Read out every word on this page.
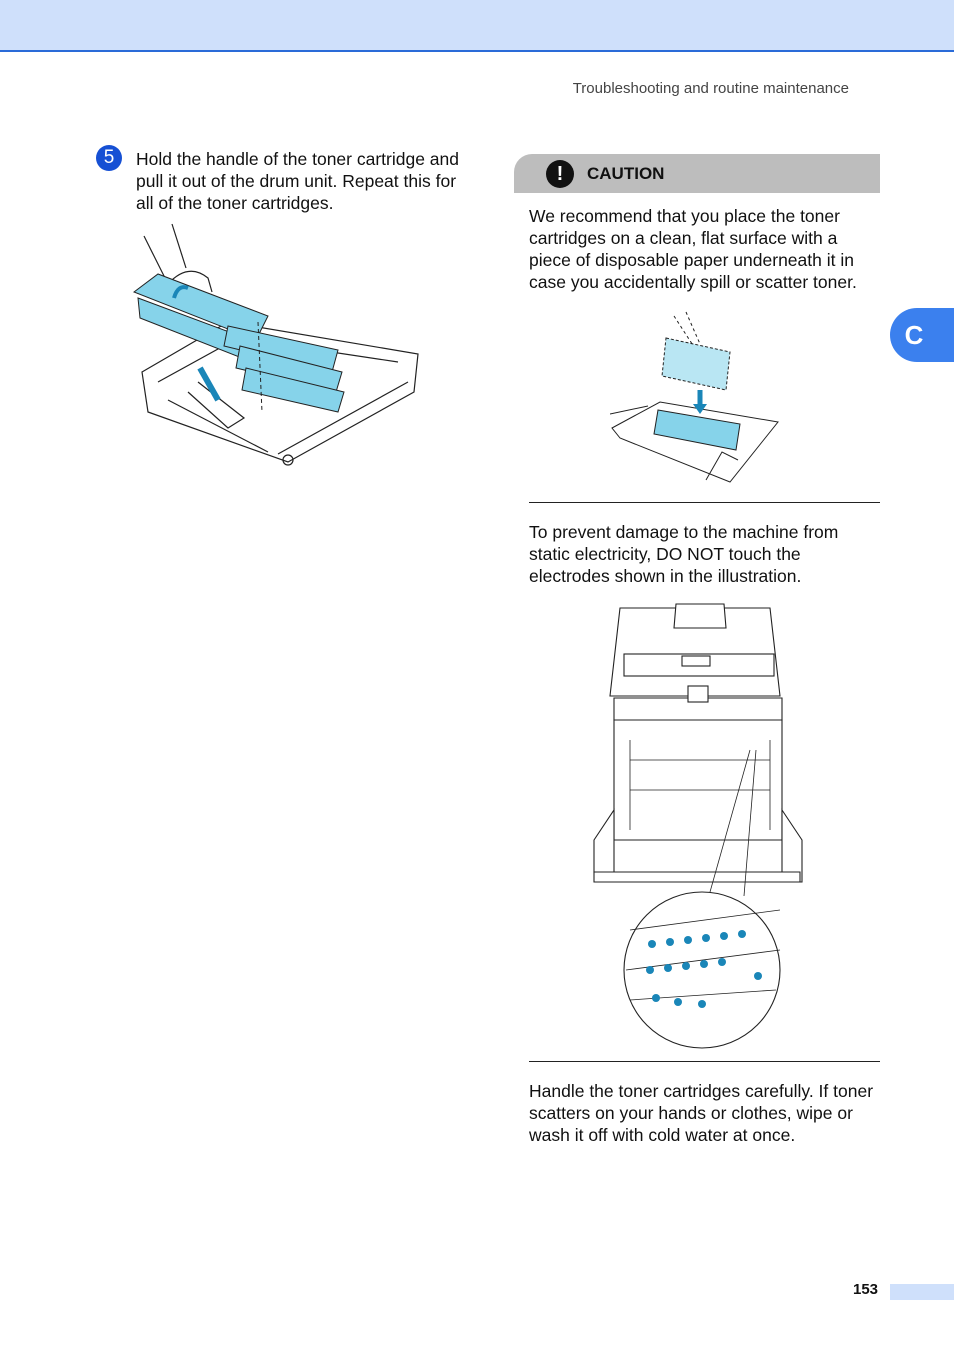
Troubleshooting and routine maintenance
5	Hold the handle of the toner cartridge and pull it out of the drum unit. Repeat this for all of the toner cartridges.
!	CAUTION
We recommend that you place the toner cartridges on a clean, flat surface with a piece of disposable paper underneath it in case you accidentally spill or scatter toner.
To prevent damage to the machine from static electricity, DO NOT touch the electrodes shown in the illustration.
Handle the toner cartridges carefully. If toner scatters on your hands or clothes, wipe or wash it off with cold water at once.
C
153
